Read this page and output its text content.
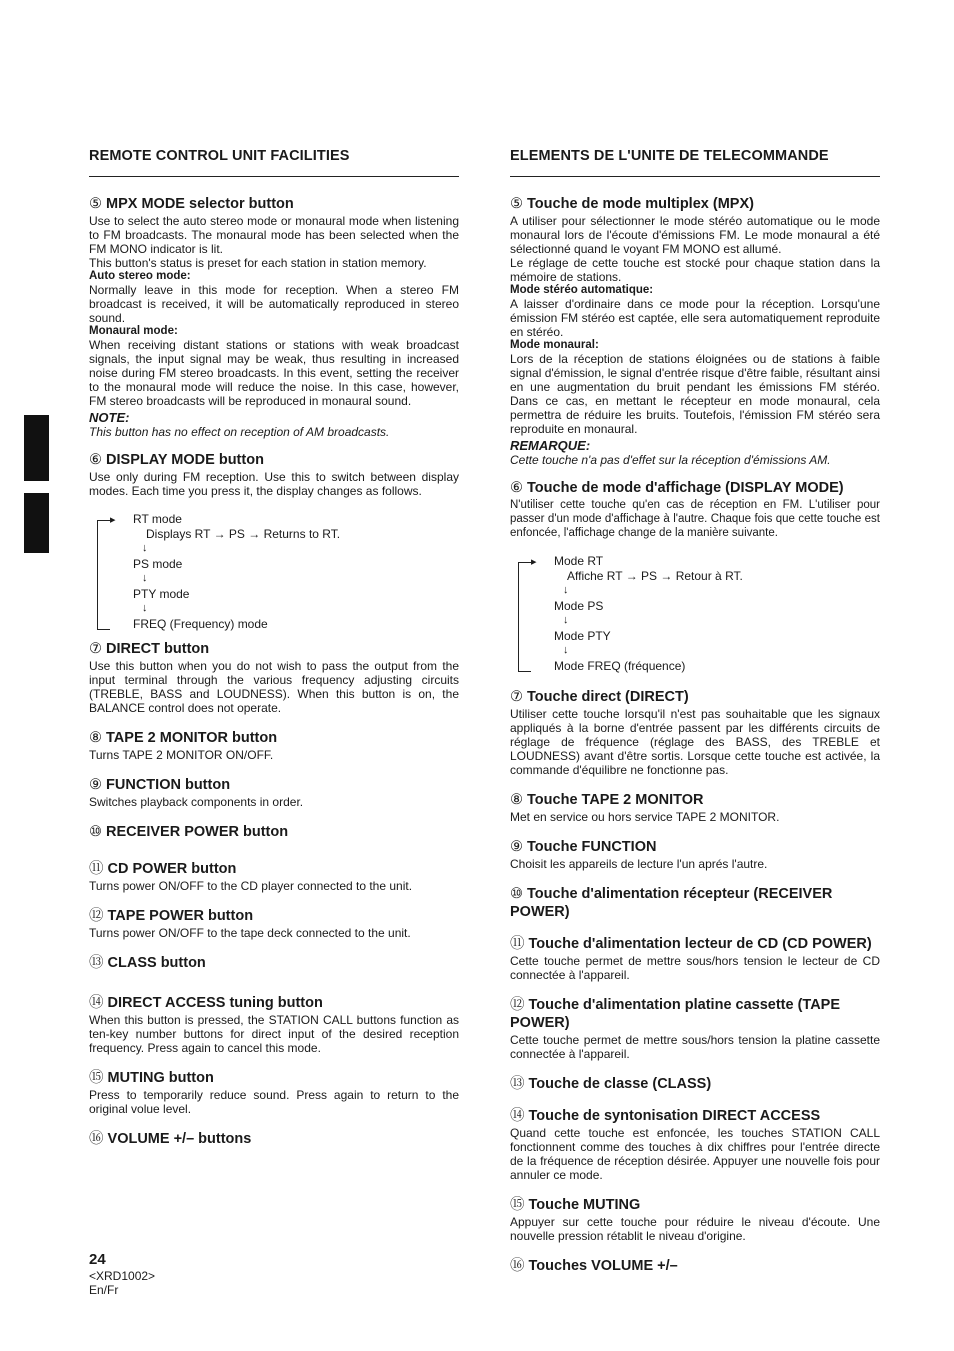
REMOTE CONTROL UNIT FACILITIES
⑤ MPX MODE selector button

Use to select the auto stereo mode or monaural mode when listening to FM broadcasts. The monaural mode has been selected when the FM MONO indicator is lit.

This button's status is preset for each station in station memory.

Auto stereo mode:

Normally leave in this mode for reception. When a stereo FM broadcast is received, it will be automatically reproduced in stereo sound.

Monaural mode:

When receiving distant stations or stations with weak broadcast signals, the input signal may be weak, thus resulting in increased noise during FM stereo broadcasts. In this event, setting the receiver to the monaural mode will reduce the noise. In this case, however, FM stereo broadcasts will be reproduced in monaural sound.

NOTE:

This button has no effect on reception of AM broadcasts.

⑥ DISPLAY MODE button

Use only during FM reception. Use this to switch between display modes. Each time you press it, the display changes as follows.

▸ RT mode
Displays RT → PS → Returns to RT.
↓
PS mode
↓
PTY mode
↓
FREQ (Frequency) mode
⑦ DIRECT button

Use this button when you do not wish to pass the output from the input terminal through the various frequency adjusting circuits (TREBLE, BASS and LOUDNESS). When this button is on, the BALANCE control does not operate.

⑧ TAPE 2 MONITOR button

Turns TAPE 2 MONITOR ON/OFF.

⑨ FUNCTION button

Switches playback components in order.

⑩ RECEIVER POWER button
⑪ CD POWER button

Turns power ON/OFF to the CD player connected to the unit.

⑫ TAPE POWER button

Turns power ON/OFF to the tape deck connected to the unit.

⑬ CLASS button
⑭ DIRECT ACCESS tuning button

When this button is pressed, the STATION CALL buttons function as ten-key number buttons for direct input of the desired reception frequency. Press again to cancel this mode.

⑮ MUTING button

Press to temporarily reduce sound. Press again to return to the original volue level.

⑯ VOLUME +/– buttons
ELEMENTS DE L'UNITE DE TELECOMMANDE
⑤ Touche de mode multiplex (MPX)

A utiliser pour sélectionner le mode stéréo automatique ou le mode monaural lors de l'écoute d'émissions FM. Le mode monaural a été sélectionné quand le voyant FM MONO est allumé.

Le réglage de cette touche est stocké pour chaque station dans la mémoire de stations.

Mode stéréo automatique:

A laisser d'ordinaire dans ce mode pour la réception. Lorsqu'une émission FM stéréo est captée, elle sera automatiquement reproduite en stéréo.

Mode monaural:

Lors de la réception de stations éloignées ou de stations à faible signal d'émission, le signal d'entrée risque d'être faible, résultant ainsi en une augmentation du bruit pendant les émissions FM stéréo. Dans ce cas, en mettant le récepteur en mode monaural, cela permettra de réduire les bruits. Toutefois, l'émission FM stéréo sera reproduite en monaural.

REMARQUE:

Cette touche n'a pas d'effet sur la réception d'émissions AM.

⑥ Touche de mode d'affichage (DISPLAY MODE)

N'utiliser cette touche qu'en cas de réception en FM. L'utiliser pour passer d'un mode d'affichage à l'autre. Chaque fois que cette touche est enfoncée, l'affichage change de la manière suivante.

▸ Mode RT
Affiche RT → PS → Retour à RT.
↓
Mode PS
↓
Mode PTY
↓
Mode FREQ (fréquence)
⑦ Touche direct (DIRECT)

Utiliser cette touche lorsqu'il n'est pas souhaitable que les signaux appliqués à la borne d'entrée passent par les différents circuits de réglage de fréquence (réglage des BASS, des TREBLE et LOUDNESS) avant d'être sortis. Lorsque cette touche est activée, la commande d'équilibre ne fonctionne pas.

⑧ Touche TAPE 2 MONITOR

Met en service ou hors service TAPE 2 MONITOR.

⑨ Touche FUNCTION

Choisit les appareils de lecture l'un aprés l'autre.

⑩ Touche d'alimentation récepteur (RECEIVER POWER)
⑪ Touche d'alimentation lecteur de CD (CD POWER)

Cette touche permet de mettre sous/hors tension le lecteur de CD connectée à l'appareil.

⑫ Touche d'alimentation platine cassette (TAPE POWER)

Cette touche permet de mettre sous/hors tension la platine cassette connectée à l'appareil.

⑬ Touche de classe (CLASS)
⑭ Touche de syntonisation DIRECT ACCESS

Quand cette touche est enfoncée, les touches STATION CALL fonctionnent comme des touches à dix chiffres pour l'entrée directe de la fréquence de réception désirée. Appuyer une nouvelle fois pour annuler ce mode.

⑮ Touche MUTING

Appuyer sur cette touche pour réduire le niveau d'écoute. Une nouvelle pression rétablit le niveau d'origine.

⑯ Touches VOLUME +/–
24
<XRD1002>
En/Fr
